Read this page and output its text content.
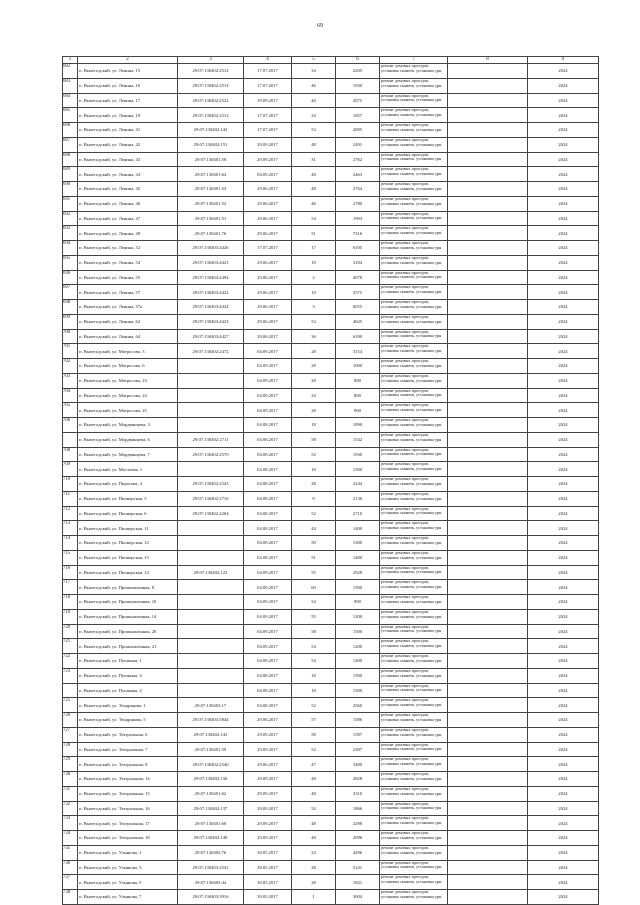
69
1	2	3	4	5	6	7	8	9
682	п. Вычегодский, ул. Ленина, 15	29:07:130402:2512	17.07.2017	34	2205	ремонт домовых проездов, установка скамеек, установка урн		2024
683	п. Вычегодский, ул. Ленина, 16	29:07:130402:2514	17.07.2017	46	1930	ремонт домовых проездов, установка скамеек, установка урн		2024
684	п. Вычегодский, ул. Ленина, 17	29:07:130402:2522	19.09.2017	40	2075	ремонт домовых проездов, установка скамеек, установка урн		2024
685	п. Вычегодский, ул. Ленина, 19	29:07:130402:2513	17.07.2017	34	1857	ремонт домовых проездов, установка скамеек, установка урн		2024
686	п. Вычегодский, ул. Ленина, 41	29:07:130402:144	17.07.2017	53	2005	ремонт домовых проездов, установка скамеек, установка урн		2024
687	п. Вычегодский, ул. Ленина, 42	29:07:130402:153	29.09.2017	48	2491	ремонт домовых проездов, установка скамеек, установка урн		2024
688	п. Вычегодский, ул. Ленина, 43	29:07:130401:58	29.09.2017	31	2762	ремонт домовых проездов, установка скамеек, установка урн		2024
689	п. Вычегодский, ул. Ленина, 44	29:07:130401:64	04.09.2017	48	2463	ремонт домовых проездов, установка скамеек, установка урн		2024
690	п. Вычегодский, ул. Ленина, 45	29:07:130401:53	29.06.2017	48	2764	ремонт домовых проездов, установка скамеек, установка урн		2024
691	п. Вычегодский, ул. Ленина, 46	29:07:130401:52	29.06.2017	46	2780	ремонт домовых проездов, установка скамеек, установка урн		2024
692	п. Вычегодский, ул. Ленина, 47	29:07:130401:51	29.06.2017	54	1993	ремонт домовых проездов, установка скамеек, установка урн		2024
693	п. Вычегодский, ул. Ленина, 49	29:07:130401:76	29.06.2017	51	7316	ремонт домовых проездов, установка скамеек, установка урн		2024
694	п. Вычегодский, ул. Ленина, 52	29:07:130403:4426	17.07.2017	17	6105	ремонт домовых проездов, установка скамеек, установка урн		2024
695	п. Вычегодский, ул. Ленина, 54	29:07:130403:4421	29.06.2017	18	3104	ремонт домовых проездов, установка скамеек, установка урн		2024
696	п. Вычегодский, ул. Ленина, 55	29:07:130403:4494	29.06.2017	2	4078	ремонт домовых проездов, установка скамеек, установка урн		2024
697	п. Вычегодский, ул. Ленина, 57	29:07:130403:4422	29.06.2017	10	3575	ремонт домовых проездов, установка скамеек, установка урн		2024
698	п. Вычегодский, ул. Ленина, 57а	29:07:130403:4424	29.06.2017	3	6055	ремонт домовых проездов, установка скамеек, установка урн		2024
699	п. Вычегодский, ул. Ленина, 62	29:07:130403:4423	29.06.2017	53	4625	ремонт домовых проездов, установка скамеек, установка урн		2024
700	п. Вычегодский, ул. Ленина, 64	29:07:130403:4427	29.06.2017	36	6180	ремонт домовых проездов, установка скамеек, установка урн		2024
701	п. Вычегодский, ул. Матросова, 3	29:07:130402:2472	04.09.2017	28	3154	ремонт домовых проездов, установка скамеек, установка урн		2024
702	п. Вычегодский, ул. Матросова, 6		04.09.2017	28	1000	ремонт домовых проездов, установка скамеек, установка урн		2024
703	п. Вычегодский, ул. Матросова, 23		04.09.2017	28	800	ремонт домовых проездов, установка скамеек, установка урн		2024
704	п. Вычегодский, ул. Матросова, 24		04.09.2017	34	800	ремонт домовых проездов, установка скамеек, установка урн		2024
705	п. Вычегодский, ул. Матросова, 25		04.09.2017	28	900	ремонт домовых проездов, установка скамеек, установка урн		2024
706	п. Вычегодский, ул. Мордвинцева, 3		04.08.2017	18	1890	ремонт домовых проездов, установка скамеек, установка урн		2024
	п. Вычегодский, ул. Мордвинцева, 6	29:07:130402:2711	04.08.2017	58	1542	ремонт домовых проездов, установка скамеек, установка урн		2024
708	п. Вычегодский, ул. Мордвинцева, 7	29:07:130402:2570	04.08.2017	52	1930	ремонт домовых проездов, установка скамеек, установка урн		2024
709	п. Вычегодский, ул. Мостовая, 1		04.08.2017	18	1500	ремонт домовых проездов, установка скамеек, установка урн		2024
710	п. Вычегодский, ул. Пирогова, 4	29:07:130402:2543	04.08.2017	28	2244	ремонт домовых проездов, установка скамеек, установка урн		2024
711	п. Вычегодский, ул. Пионерская, 5	29:07:130402:2716	04.08.2017	9	2136	ремонт домовых проездов, установка скамеек, установка урн		2024
712	п. Вычегодский, ул. Пионерская, 6	29:07:130402:2204	04.08.2017	52	2710	ремонт домовых проездов, установка скамеек, установка урн		2024
713	п. Вычегодский, ул. Пионерская, 11		04.08.2017	44	1400	ремонт домовых проездов, установка скамеек, установка урн		2024
714	п. Вычегодский, ул. Пионерская, 12		04.08.2017	50	1300	ремонт домовых проездов, установка скамеек, установка урн		2024
715	п. Вычегодский, ул. Пионерская, 13		04.08.2017	51	1400	ремонт домовых проездов, установка скамеек, установка урн		2024
716	п. Вычегодский, ул. Пионерская, 14	29:07:130402:122	04.09.2017	55	2928	ремонт домовых проездов, установка скамеек, установка урн		2024
717	п. Вычегодский, ул. Промышленная, 8		04.09.2017	60	1500	ремонт домовых проездов, установка скамеек, установка урн		2024
718	п. Вычегодский, ул. Промышленная, 10		04.09.2017	54	900	ремонт домовых проездов, установка скамеек, установка урн		2024
719	п. Вычегодский, ул. Промышленная, 14		04.09.2017	55	1200	ремонт домовых проездов, установка скамеек, установка урн		2024
720	п. Вычегодский, ул. Промышленная, 20		04.09.2017	58	1500	ремонт домовых проездов, установка скамеек, установка урн		2024
721	п. Вычегодский, ул. Промышленная, 21		04.09.2017	54	1200	ремонт домовых проездов, установка скамеек, установка урн		2024
722	п. Вычегодский, ул. Пушкина, 1		04.08.2017	54	1400	ремонт домовых проездов, установка скамеек, установка урн		2024
723	п. Вычегодский, ул. Пушкина, 3		04.08.2017	18	1500	ремонт домовых проездов, установка скамеек, установка урн		2024
	п. Вычегодский, ул. Пушкина, 4		04.08.2017	18	1500	ремонт домовых проездов, установка скамеек, установка урн		2024
725	п. Вычегодский, ул. Тендрякова, 1	29:07:130403:17	04.08.2017	52	2560	ремонт домовых проездов, установка скамеек, установка урн		2024
726	п. Вычегодский, ул. Тендрякова, 5	29:07:130403:3844	29.06.2017	57	1586	ремонт домовых проездов, установка скамеек, установка урн		2024
727	п. Вычегодский, ул. Театральная, 6	29:07:130402:143	29.09.2017	58	1587	ремонт домовых проездов, установка скамеек, установка урн		2024
728	п. Вычегодский, ул. Театральная, 7	29:07:130401:59	29.09.2017	52	2307	ремонт домовых проездов, установка скамеек, установка урн		2024
729	п. Вычегодский, ул. Театральная, 8	29:07:130402:2540	29.06.2017	47	3480	ремонт домовых проездов, установка скамеек, установка урн		2024
730	п. Вычегодский, ул. Театральная, 14	29:07:130402:156	29.09.2017	48	2828	ремонт домовых проездов, установка скамеек, установка урн		2024
731	п. Вычегодский, ул. Театральная, 15	29:07:130401:62	29.09.2017	48	3310	ремонт домовых проездов, установка скамеек, установка урн		2024
732	п. Вычегодский, ул. Театральная, 16	29:07:130402:137	29.09.2017	52	1866	ремонт домовых проездов, установка скамеек, установка урн		2024
733	п. Вычегодский, ул. Театральная, 17	29:07:130401:60	29.09.2017	48	2298	ремонт домовых проездов, установка скамеек, установка урн		2024
734	п. Вычегодский, ул. Театральная, 18	29:07:130402:149	29.09.2017	48	2096	ремонт домовых проездов, установка скамеек, установка урн		2024
735	п. Вычегодский, ул. Ульянова, 1	29:07:130403:76	30.05.2017	23	4296	ремонт домовых проездов, установка скамеек, установка урн		2024
736	п. Вычегодский, ул. Ульянова, 3	29:07:130403:2531	30.05.2017	28	5241	ремонт домовых проездов, установка скамеек, установка урн		2024
737	п. Вычегодский, ул. Ульянова, 5	29:07:130403:44	30.05.2017	28	1821	ремонт домовых проездов, установка скамеек, установка урн		2024
738	п. Вычегодский, ул. Ульянова, 7	29:07:130403:3916	30.05.2017	1	3004	ремонт домовых проездов, установка скамеек, установка урн		2024
